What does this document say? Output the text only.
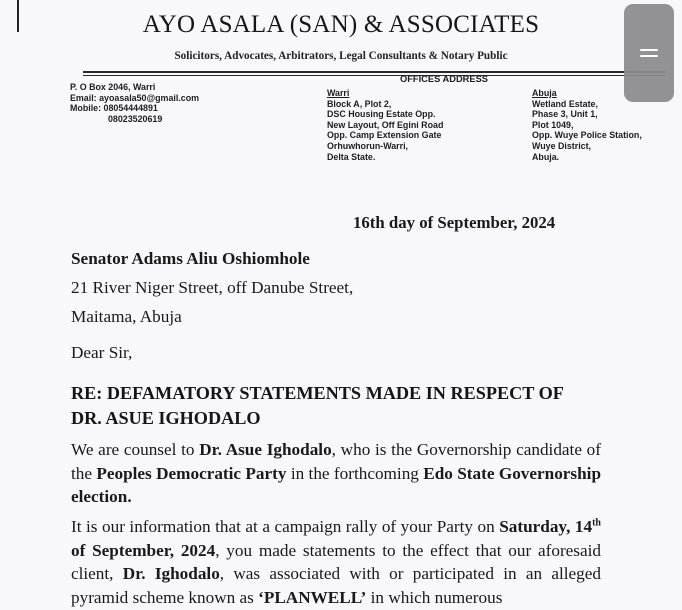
AYO ASALA (SAN) & ASSOCIATES
Solicitors, Advocates, Arbitrators, Legal Consultants & Notary Public
P. O Box 2046, Warri
Email: ayoasala50@gmail.com
Mobile: 08054444891
08023520619
OFFICES ADDRESS
Warri
Block A, Plot 2,
DSC Housing Estate Opp.
New Layout, Off Egini Road
Opp. Camp Extension Gate
Orhuwhorun-Warri,
Delta State.
Abuja
Wetland Estate,
Phase 3, Unit 1,
Plot 1049,
Opp. Wuye Police Station,
Wuye District,
Abuja.
16th day of September, 2024
Senator Adams Aliu Oshiomhole
21 River Niger Street, off Danube Street,
Maitama, Abuja
Dear Sir,
RE: DEFAMATORY STATEMENTS MADE IN RESPECT OF
DR. ASUE IGHODALO
We are counsel to Dr. Asue Ighodalo, who is the Governorship candidate of the Peoples Democratic Party in the forthcoming Edo State Governorship election.
It is our information that at a campaign rally of your Party on Saturday, 14th of September, 2024, you made statements to the effect that our aforesaid client, Dr. Ighodalo, was associated with or participated in an alleged pyramid scheme known as ‘PLANWELL’ in which numerous
